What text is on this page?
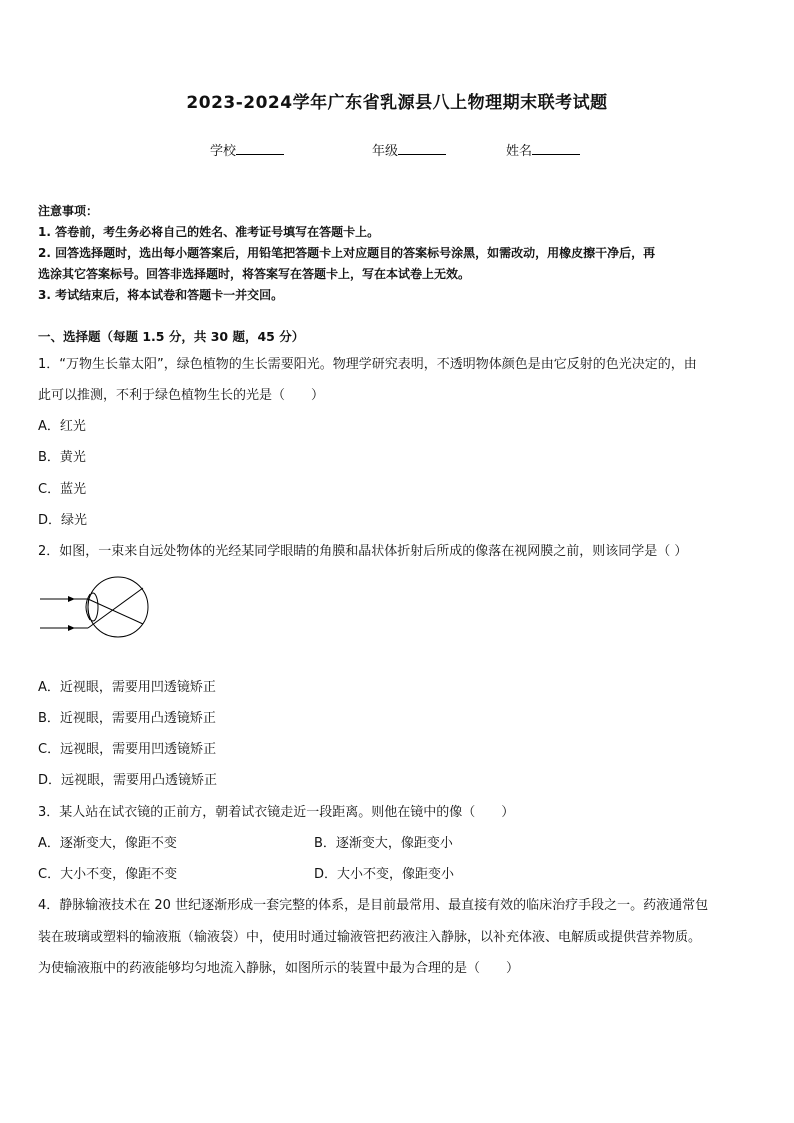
2023-2024学年广东省乳源县八上物理期末联考试题
学校	年级	姓名
注意事项：
1. 答卷前，考生务必将自己的姓名、准考证号填写在答题卡上。
2. 回答选择题时，选出每小题答案后，用铅笔把答题卡上对应题目的答案标号涂黑，如需改动，用橡皮擦干净后，再
选涂其它答案标号。回答非选择题时，将答案写在答题卡上，写在本试卷上无效。
3. 考试结束后，将本试卷和答题卡一并交回。
一、选择题（每题 1.5 分，共 30 题，45 分）
1．“万物生长靠太阳”，绿色植物的生长需要阳光。物理学研究表明，不透明物体颜色是由它反射的色光决定的，由
此可以推测，不利于绿色植物生长的光是（　　）
A．红光
B．黄光
C．蓝光
D．绿光
2．如图，一束来自远处物体的光经某同学眼睛的角膜和晶状体折射后所成的像落在视网膜之前，则该同学是（ ）
A．近视眼，需要用凹透镜矫正
B．近视眼，需要用凸透镜矫正
C．远视眼，需要用凹透镜矫正
D．远视眼，需要用凸透镜矫正
3．某人站在试衣镜的正前方，朝着试衣镜走近一段距离。则他在镜中的像（　　）
A．逐渐变大，像距不变	B．逐渐变大，像距变小
C．大小不变，像距不变	D．大小不变，像距变小
4．静脉输液技术在 20 世纪逐渐形成一套完整的体系，是目前最常用、最直接有效的临床治疗手段之一。药液通常包
装在玻璃或塑料的输液瓶（输液袋）中，使用时通过输液管把药液注入静脉，以补充体液、电解质或提供营养物质。
为使输液瓶中的药液能够均匀地流入静脉，如图所示的装置中最为合理的是（　　）
